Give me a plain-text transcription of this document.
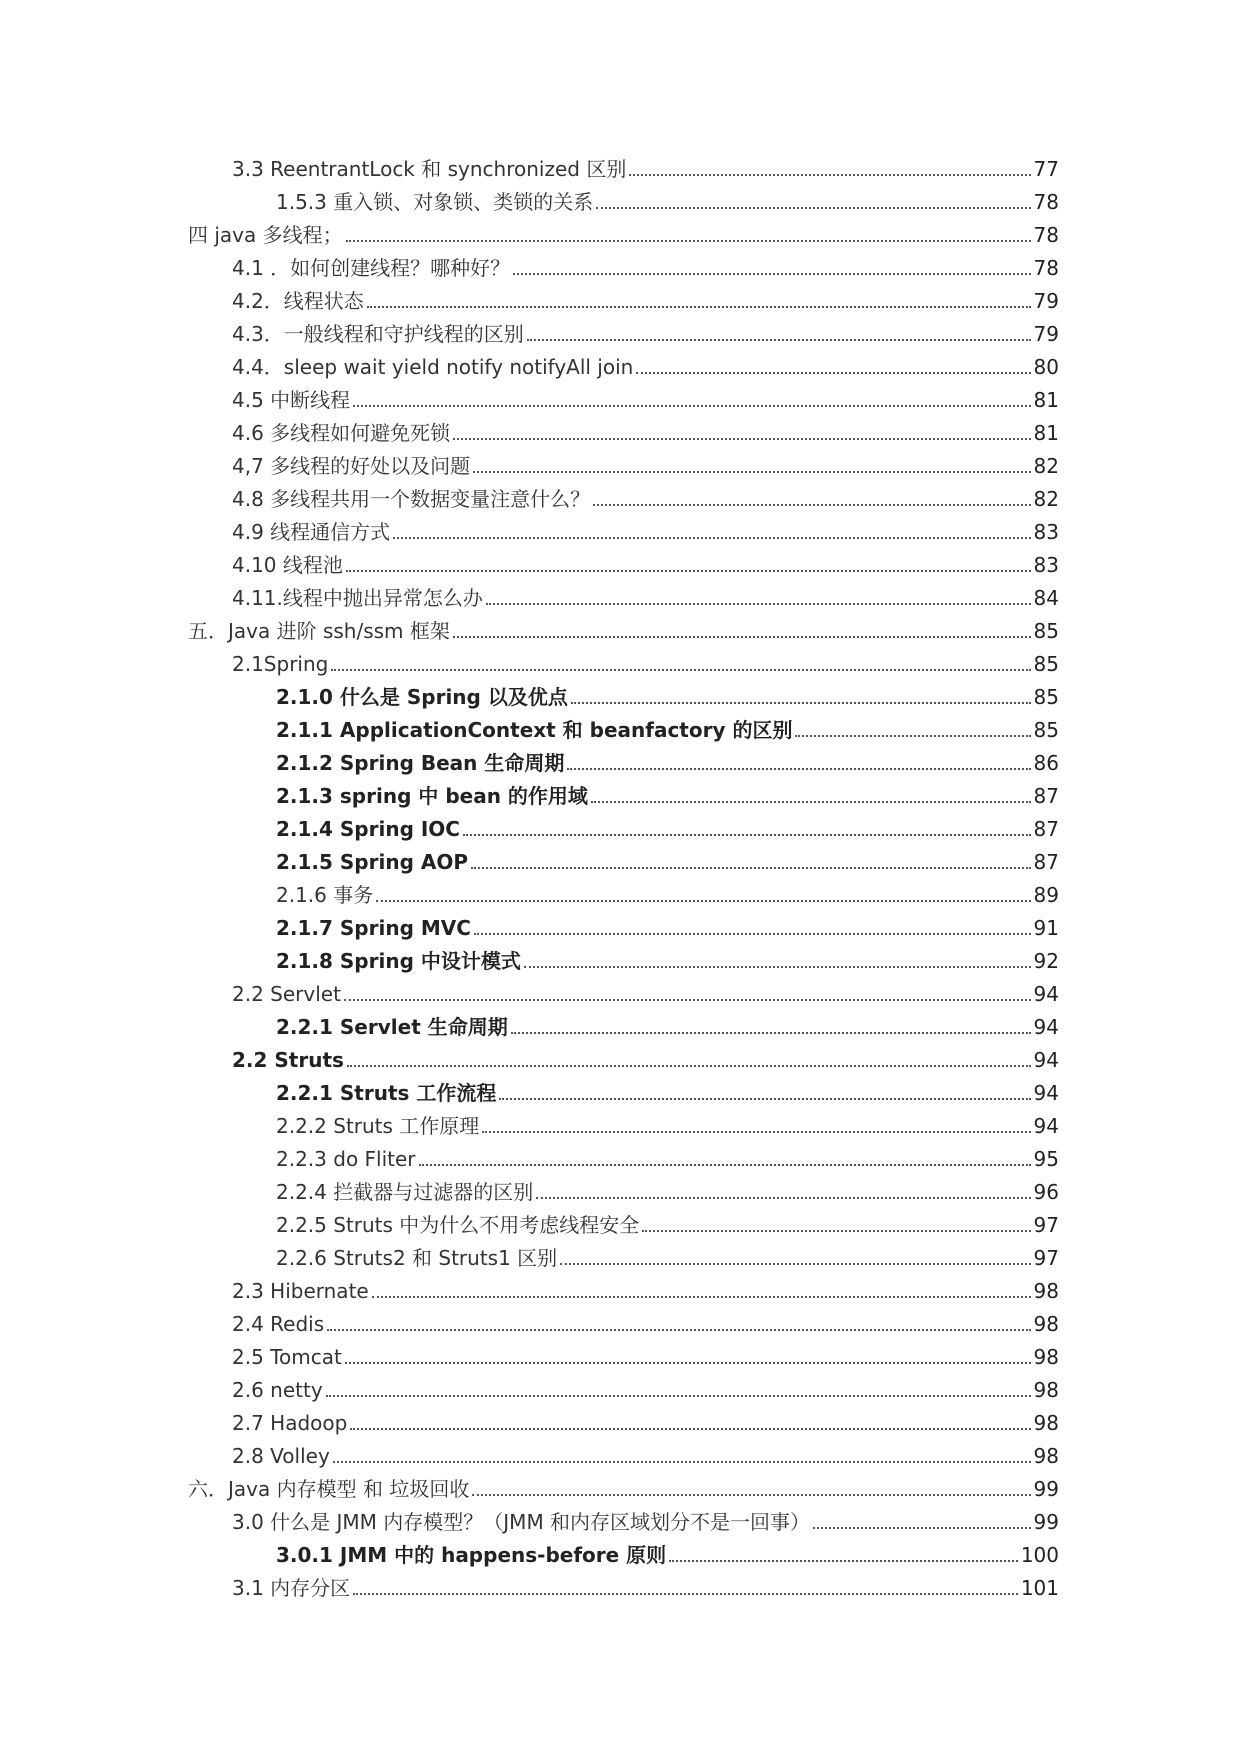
3.3 ReentrantLock 和 synchronized 区别	77
1.5.3 重入锁、对象锁、类锁的关系	78
四 java 多线程；	78
4.1 ．如何创建线程？哪种好？	78
4.2．线程状态	79
4.3．一般线程和守护线程的区别	79
4.4．sleep wait yield notify notifyAll join	80
4.5 中断线程	81
4.6 多线程如何避免死锁	81
4,7 多线程的好处以及问题	82
4.8 多线程共用一个数据变量注意什么？	82
4.9 线程通信方式	83
4.10 线程池	83
4.11.线程中抛出异常怎么办	84
五．Java 进阶 ssh/ssm 框架	85
2.1Spring	85
2.1.0 什么是 Spring 以及优点	85
2.1.1 ApplicationContext 和 beanfactory 的区别	85
2.1.2 Spring Bean 生命周期	86
2.1.3 spring 中 bean 的作用域	87
2.1.4 Spring IOC	87
2.1.5 Spring AOP	87
2.1.6 事务	89
2.1.7 Spring MVC	91
2.1.8 Spring 中设计模式	92
2.2 Servlet	94
2.2.1 Servlet 生命周期	94
2.2 Struts	94
2.2.1 Struts 工作流程	94
2.2.2 Struts 工作原理	94
2.2.3 do Fliter	95
2.2.4 拦截器与过滤器的区别	96
2.2.5 Struts 中为什么不用考虑线程安全	97
2.2.6 Struts2 和 Struts1 区别	97
2.3 Hibernate	98
2.4 Redis	98
2.5 Tomcat	98
2.6 netty	98
2.7 Hadoop	98
2.8 Volley	98
六．Java 内存模型 和 垃圾回收	99
3.0 什么是 JMM 内存模型？（JMM 和内存区域划分不是一回事）	99
3.0.1 JMM 中的 happens-before 原则	100
3.1 内存分区	101
